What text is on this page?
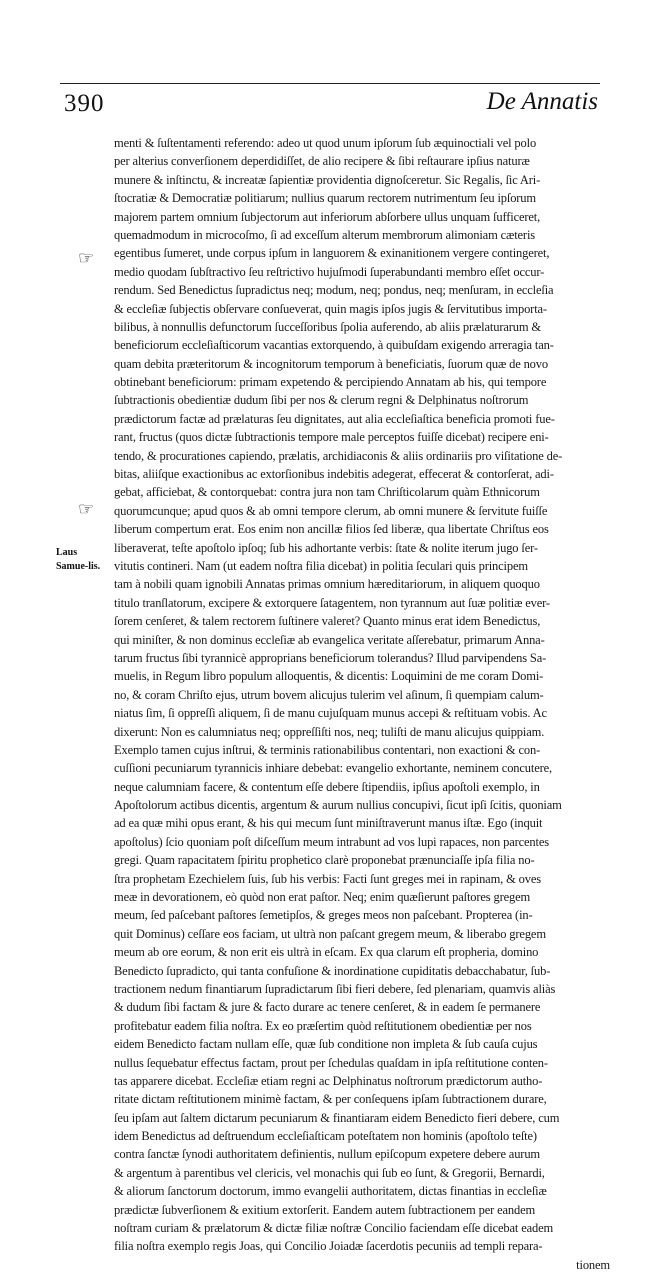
390	De Annatis
☞
☞
Laus Samue-lis.
menti & ſuſtentamenti referendo: adeo ut quod unum ipſorum ſub æquinoctiali vel polo
per alterius converſionem deperdidiſſet, de alio recipere & ſibi reſtaurare ipſius naturæ
munere & inſtinctu, & increatæ ſapientiæ providentia dignoſceretur. Sic Regalis, ſic Ari-
ſtocratiæ & Democratiæ politiarum; nullius quarum rectorem nutrimentum ſeu ipſorum
majorem partem omnium ſubjectorum aut inferiorum abſorbere ullus unquam ſufficeret,
quemadmodum in microcoſmo, ſi ad exceſſum alterum membrorum alimoniam cæteris
egentibus ſumeret, unde corpus ipſum in languorem & exinanitionem vergere contingeret,
medio quodam ſubſtractivo ſeu reſtrictivo hujuſmodi ſuperabundanti membro eſſet occur-
rendum. Sed Benedictus ſupradictus neq; modum, neq; pondus, neq; menſuram, in eccleſia
& eccleſiæ ſubjectis obſervare conſueverat, quin magis ipſos jugis & ſervitutibus importa-
bilibus, à nonnullis defunctorum ſucceſſoribus ſpolia auferendo, ab aliis prælaturarum &
beneficiorum eccleſiaſticorum vacantias extorquendo, à quibuſdam exigendo arreragia tan-
quam debita præteritorum & incognitorum temporum à beneficiatis, ſuorum quæ de novo
obtinebant beneficiorum: primam expetendo & percipiendo Annatam ab his, qui tempore
ſubtractionis obedientiæ dudum ſibi per nos & clerum regni & Delphinatus noſtrorum
prædictorum factæ ad prælaturas ſeu dignitates, aut alia eccleſiaſtica beneficia promoti fue-
rant, fructus (quos dictæ ſubtractionis tempore male perceptos fuiſſe dicebat) recipere eni-
tendo, & procurationes capiendo, prælatis, archidiaconis & aliis ordinariis pro viſitatione de-
bitas, aliiſque exactionibus ac extorſionibus indebitis adegerat, effecerat & contorſerat, adi-
gebat, afficiebat, & contorquebat: contra jura non tam Chriſticolarum quàm Ethnicorum
quorumcunque; apud quos & ab omni tempore clerum, ab omni munere & ſervitute fuiſſe
liberum compertum erat. Eos enim non ancillæ filios ſed liberæ, qua libertate Chriſtus eos
liberaverat, teſte apoſtolo ipſoq; ſub his adhortante verbis: ſtate & nolite iterum jugo ſer-
vitutis contineri. Nam (ut eadem noſtra filia dicebat) in politia ſeculari quis principem
tam à nobili quam ignobili Annatas primas omnium hæreditariorum, in aliquem quoquo
titulo tranſlatorum, excipere & extorquere ſatagentem, non tyrannum aut ſuæ politiæ ever-
ſorem cenſeret, & talem rectorem ſuſtinere valeret? Quanto minus erat idem Benedictus,
qui miniſter, & non dominus eccleſiæ ab evangelica veritate aſſerebatur, primarum Anna-
tarum fructus ſibi tyrannicè approprians beneficiorum tolerandus? Illud parvipendens Sa-
muelis, in Regum libro populum alloquentis, & dicentis: Loquimini de me coram Domi-
no, & coram Chriſto ejus, utrum bovem alicujus tulerim vel aſinum, ſi quempiam calum-
niatus ſim, ſi oppreſſi aliquem, ſi de manu cujuſquam munus accepi & reſtituam vobis. Ac
dixerunt: Non es calumniatus neq; oppreſſiſti nos, neq; tuliſti de manu alicujus quippiam.
Exemplo tamen cujus inſtrui, & terminis rationabilibus contentari, non exactioni & con-
cuſſioni pecuniarum tyrannicis inhiare debebat: evangelio exhortante, neminem concutere,
neque calumniam facere, & contentum eſſe debere ſtipendiis, ipſius apoſtoli exemplo, in
Apoſtolorum actibus dicentis, argentum & aurum nullius concupivi, ſicut ipſi ſcitis, quoniam
ad ea quæ mihi opus erant, & his qui mecum ſunt miniſtraverunt manus iſtæ. Ego (inquit
apoſtolus) ſcio quoniam poſt diſceſſum meum intrabunt ad vos lupi rapaces, non parcentes
gregi. Quam rapacitatem ſpiritu prophetico clarè proponebat prænunciaſſe ipſa filia no-
ſtra prophetam Ezechielem ſuis, ſub his verbis: Facti ſunt greges mei in rapinam, & oves
meæ in devorationem, eò quòd non erat paſtor. Neq; enim quæſierunt paſtores gregem
meum, ſed paſcebant paſtores ſemetipſos, & greges meos non paſcebant. Propterea (in-
quit Dominus) ceſſare eos faciam, ut ultrà non paſcant gregem meum, & liberabo gregem
meum ab ore eorum, & non erit eis ultrà in eſcam. Ex qua clarum eſt propheria, domino
Benedicto ſupradicto, qui tanta confuſione & inordinatione cupiditatis debacchabatur, ſub-
tractionem nedum finantiarum ſupradictarum ſibi fieri debere, ſed plenariam, quamvis aliàs
& dudum ſibi factam & jure & facto durare ac tenere cenſeret, & in eadem ſe permanere
profitebatur eadem filia noſtra. Ex eo præſertim quòd reſtitutionem obedientiæ per nos
eidem Benedicto factam nullam eſſe, quæ ſub conditione non impleta & ſub cauſa cujus
nullus ſequebatur effectus factam, prout per ſchedulas quaſdam in ipſa reſtitutione conten-
tas apparere dicebat. Eccleſiæ etiam regni ac Delphinatus noſtrorum prædictorum autho-
ritate dictam reſtitutionem minimè factam, & per conſequens ipſam ſubtractionem durare,
ſeu ipſam aut ſaltem dictarum pecuniarum & finantiaram eidem Benedicto fieri debere, cum
idem Benedictus ad deſtruendum eccleſiaſticam poteſtatem non hominis (apoſtolo teſte)
contra ſanctæ ſynodi authoritatem definientis, nullum epiſcopum expetere debere aurum
& argentum à parentibus vel clericis, vel monachis qui ſub eo ſunt, & Gregorii, Bernardi,
& aliorum ſanctorum doctorum, immo evangelii authoritatem, dictas finantias in eccleſiæ
prædictæ ſubverſionem & exitium extorſerit. Eandem autem ſubtractionem per eandem
noſtram curiam & prælatorum & dictæ filiæ noſtræ Concilio faciendam eſſe dicebat eadem
filia noſtra exemplo regis Joas, qui Concilio Joiadæ ſacerdotis pecuniis ad templi repara-
tionem
